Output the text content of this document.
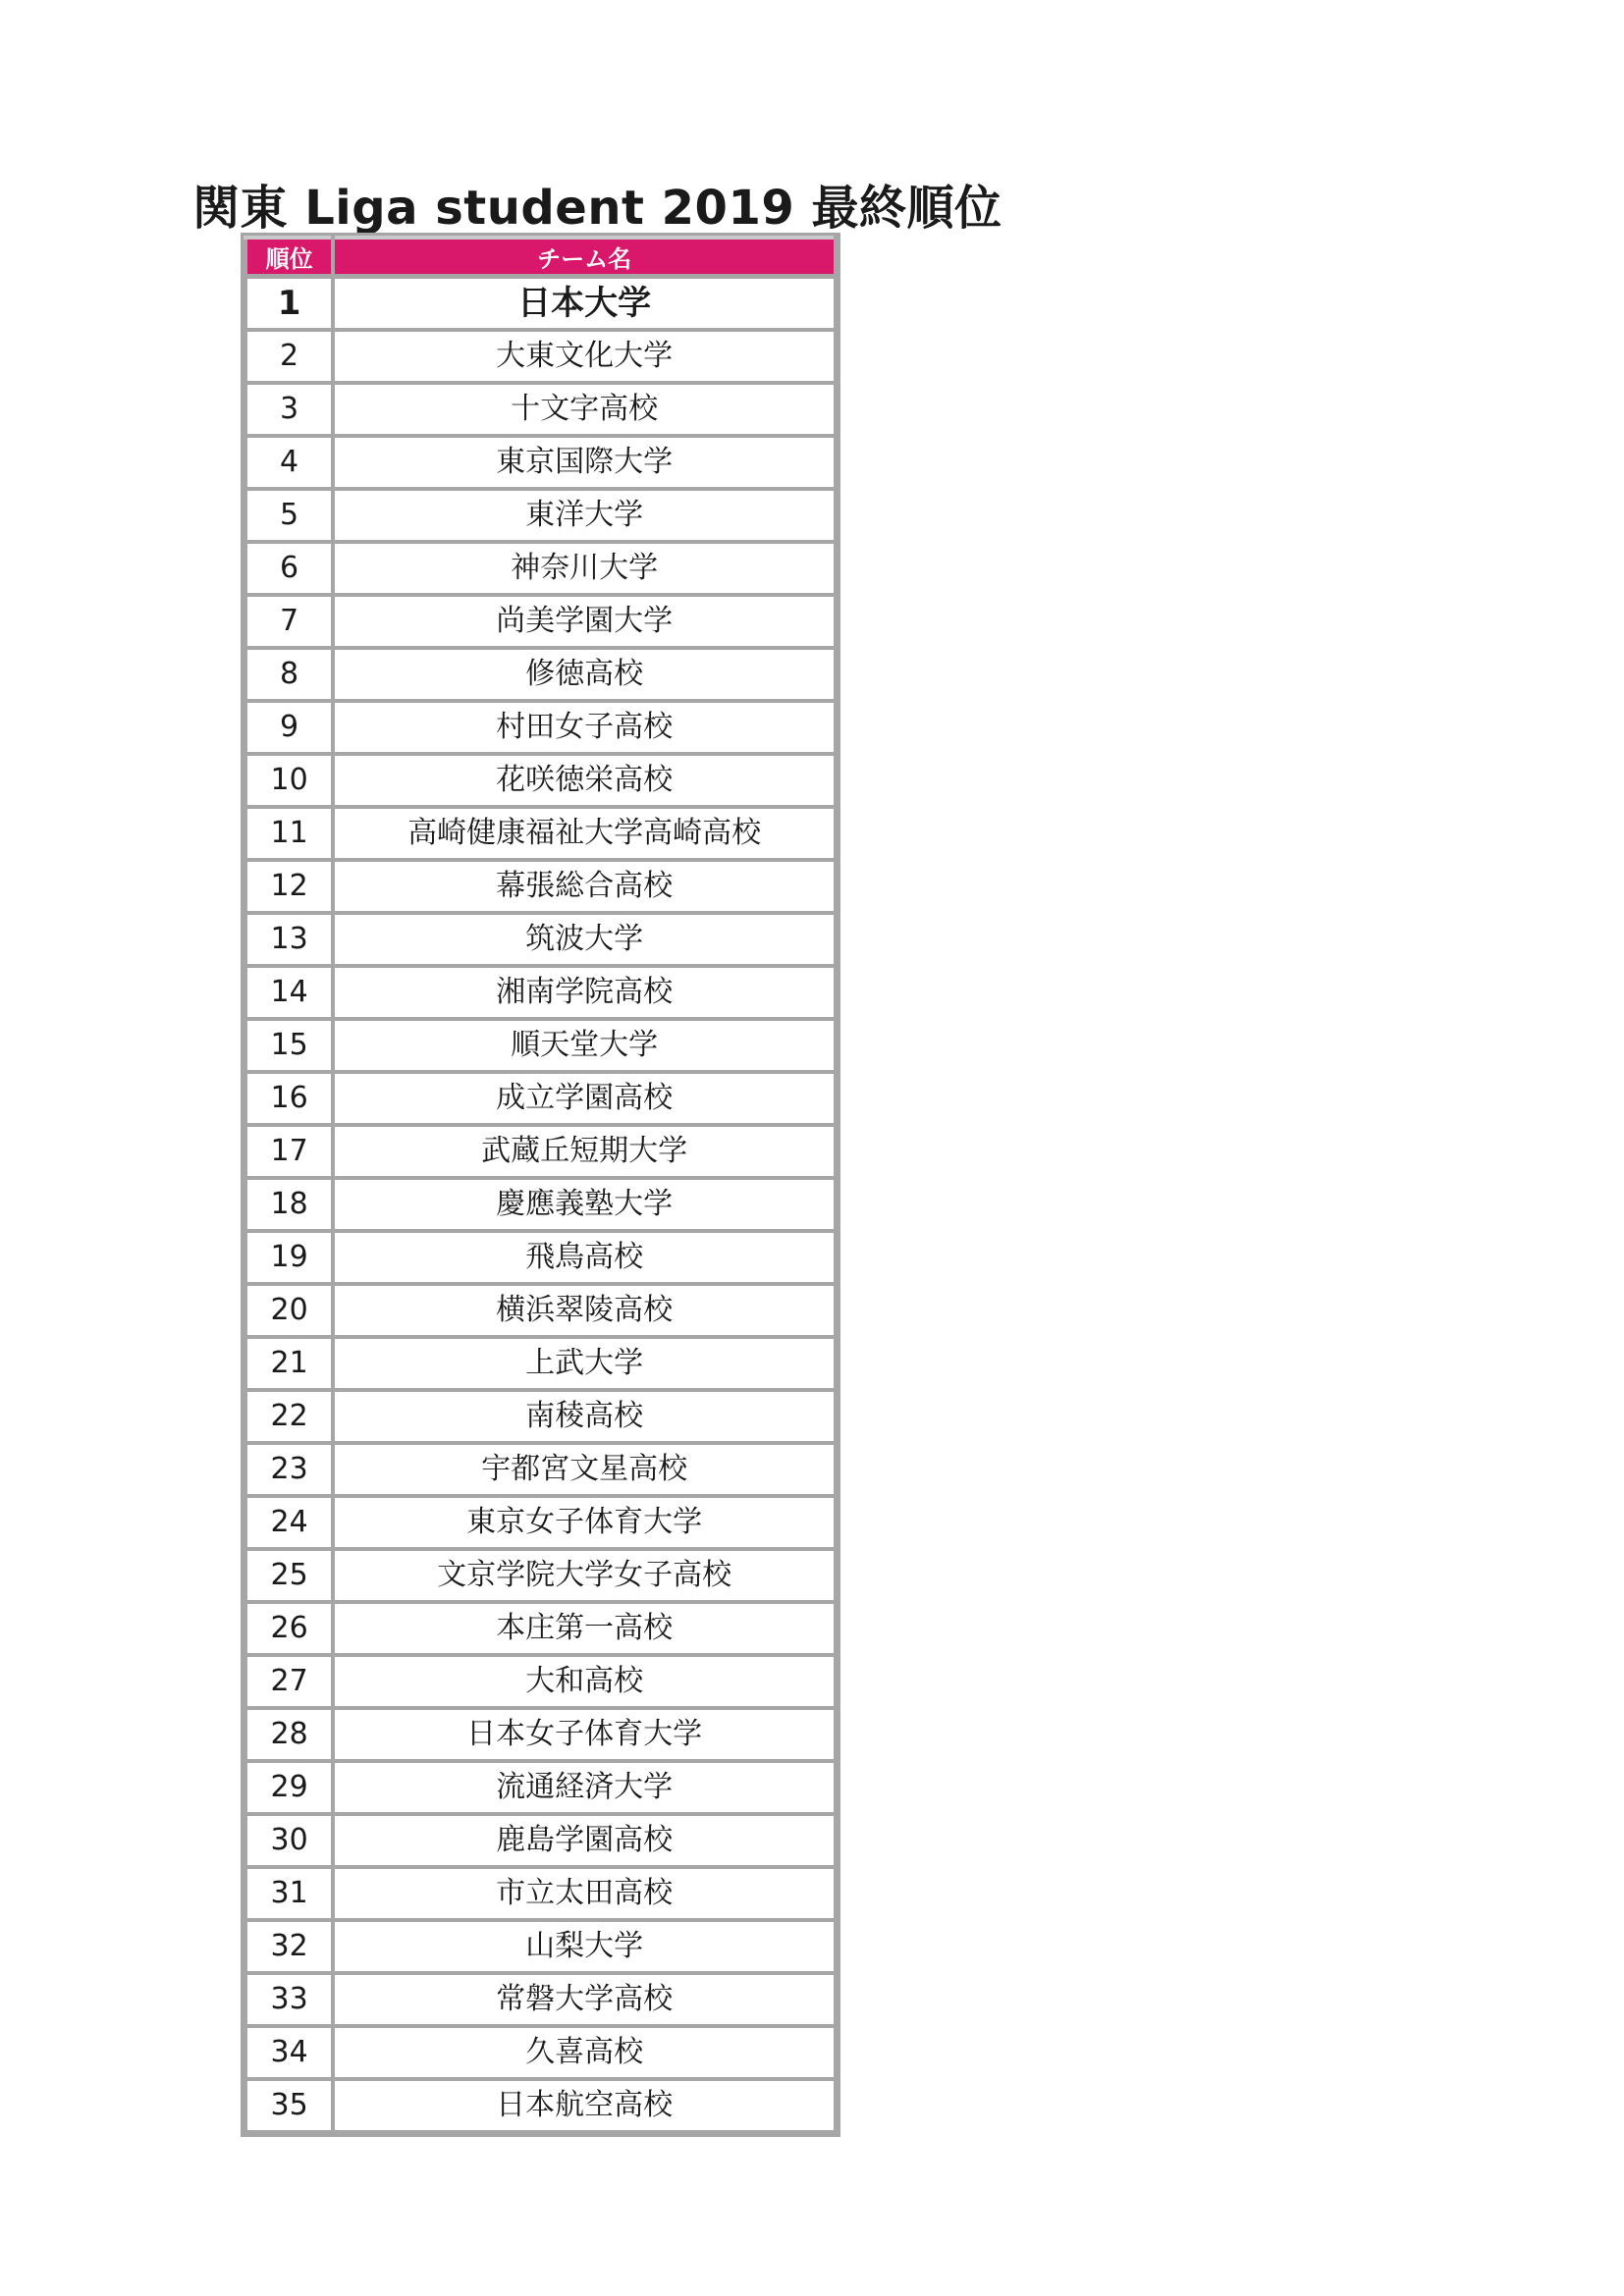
関東 Liga student 2019 最終順位
順位	チーム名
1	日本大学
2	大東文化大学
3	十文字高校
4	東京国際大学
5	東洋大学
6	神奈川大学
7	尚美学園大学
8	修徳高校
9	村田女子高校
10	花咲徳栄高校
11	高崎健康福祉大学高崎高校
12	幕張総合高校
13	筑波大学
14	湘南学院高校
15	順天堂大学
16	成立学園高校
17	武蔵丘短期大学
18	慶應義塾大学
19	飛鳥高校
20	横浜翠陵高校
21	上武大学
22	南稜高校
23	宇都宮文星高校
24	東京女子体育大学
25	文京学院大学女子高校
26	本庄第一高校
27	大和高校
28	日本女子体育大学
29	流通経済大学
30	鹿島学園高校
31	市立太田高校
32	山梨大学
33	常磐大学高校
34	久喜高校
35	日本航空高校
